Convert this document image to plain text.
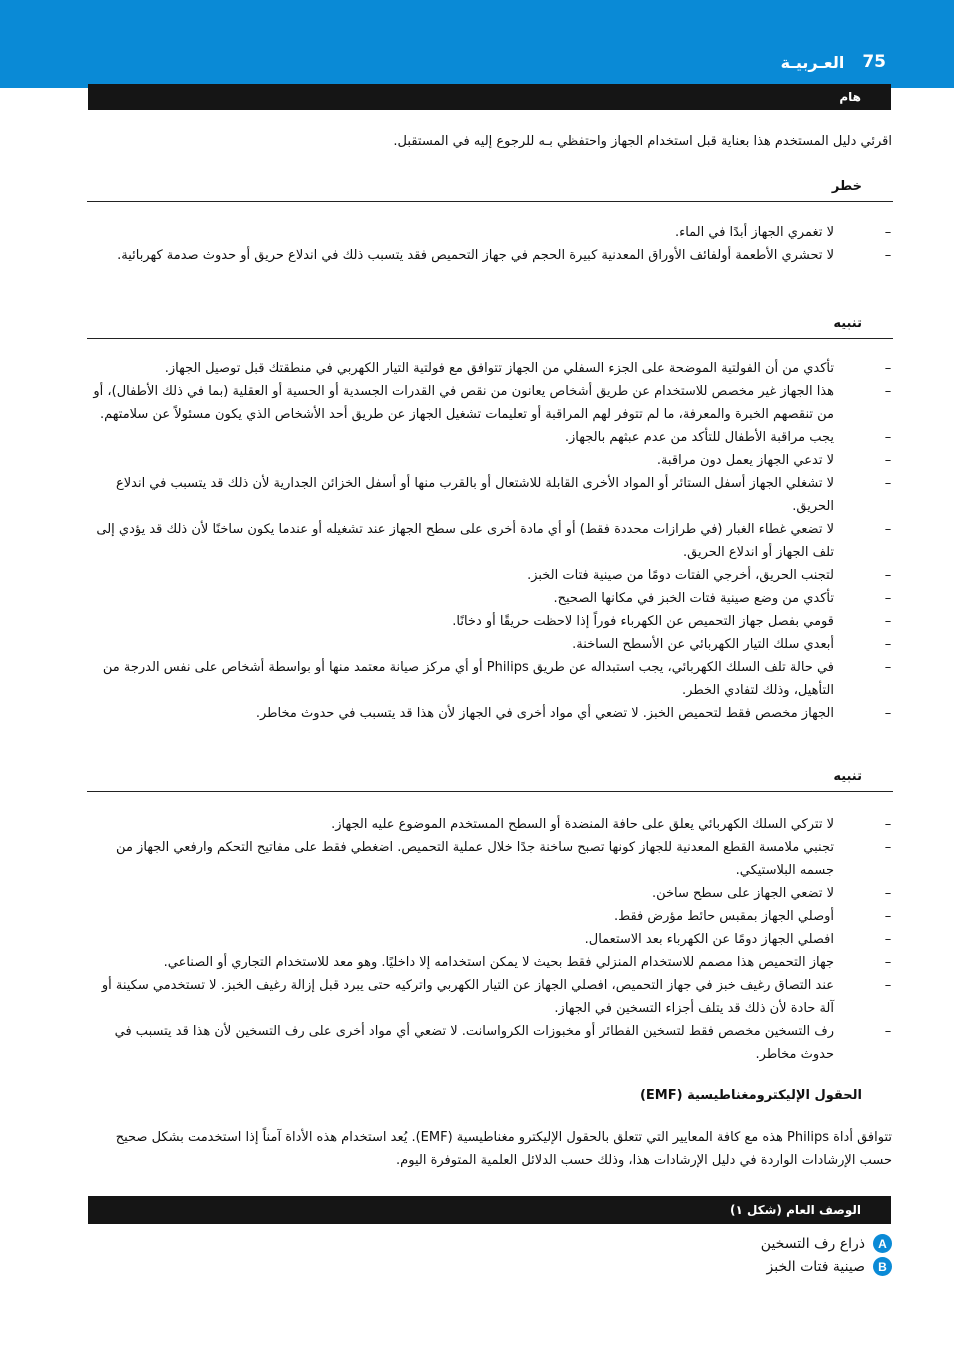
75
العـربيـة
هام
اقرئي دليل المستخدم هذا بعناية قبل استخدام الجهاز واحتفظي بـه للرجوع إليه في المستقبل.
خطر
–
لا تغمري الجهاز أبدًا في الماء.
–
لا تحشري الأطعمة أولفائف الأوراق المعدنية كبيرة الحجم في جهاز التحميص فقد يتسبب ذلك في اندلاع حريق أو حدوث صدمة كهربائية.
تنبيه
–
تأكدي من أن الفولتية الموضحة على الجزء السفلي من الجهاز تتوافق مع فولتية التيار الكهربي في منطقتك قبل توصيل الجهاز.
–
هذا الجهاز غير مخصص للاستخدام عن طريق أشخاص يعانون من نقص في القدرات الجسدية أو الحسية أو العقلية (بما في ذلك الأطفال)، أو من تنقصهم الخبرة والمعرفة، ما لم تتوفر لهم المراقبة أو تعليمات تشغيل الجهاز عن طريق أحد الأشخاص الذي يكون مسئولاً عن سلامتهم.
–
يجب مراقبة الأطفال للتأكد من عدم عبثهم بالجهاز.
–
لا تدعي الجهاز يعمل دون مراقبة.
–
لا تشغلي الجهاز أسفل الستائر أو المواد الأخرى القابلة للاشتعال أو بالقرب منها أو أسفل الخزائن الجدارية لأن ذلك قد يتسبب في اندلاع الحريق.
–
لا تضعي غطاء الغبار (في طرازات محددة فقط) أو أي مادة أخرى على سطح الجهاز عند تشغيله أو عندما يكون ساخنًا لأن ذلك قد يؤدي إلى تلف الجهاز أو اندلاع الحريق.
–
لتجنب الحريق، أخرجي الفتات دومًا من صينية فتات الخبز.
–
تأكدي من وضع صينية فتات الخبز في مكانها الصحيح.
–
قومي بفصل جهاز التحميص عن الكهرباء فوراً إذا لاحظت حريقًا أو دخانًا.
–
أبعدي سلك التيار الكهربائي عن الأسطح الساخنة.
–
في حالة تلف السلك الكهربائي، يجب استبداله عن طريق Philips أو أي مركز صيانة معتمد منها أو بواسطة أشخاص على نفس الدرجة من التأهيل، وذلك لتفادي الخطر.
–
الجهاز مخصص فقط لتحميص الخبز. لا تضعي أي مواد أخرى في الجهاز لأن هذا قد يتسبب في حدوث مخاطر.
تنبيه
–
لا تتركي السلك الكهربائي يعلق على حافة المنضدة أو السطح المستخدم الموضوع عليه الجهاز.
–
تجنبي ملامسة القطع المعدنية للجهاز كونها تصبح ساخنة جدًا خلال عملية التحميص. اضغطي فقط على مفاتيح التحكم وارفعي الجهاز من جسمه البلاستيكي.
–
لا تضعي الجهاز على سطح ساخن.
–
أوصلي الجهاز بمقبس حائط مؤرض فقط.
–
افصلي الجهاز دومًا عن الكهرباء بعد الاستعمال.
–
جهاز التحميص هذا مصمم للاستخدام المنزلي فقط بحيث لا يمكن استخدامه إلا داخليًا. وهو معد للاستخدام التجاري أو الصناعي.
–
عند التصاق رغيف خبز في جهاز التحميص، افصلي الجهاز عن التيار الكهربي واتركيه حتى يبرد قبل إزالة رغيف الخبز. لا تستخدمي سكينة أو آلة حادة لأن ذلك قد يتلف أجزاء التسخين في الجهاز.
–
رف التسخين مخصص فقط لتسخين الفطائر أو مخبوزات الكرواسانت. لا تضعي أي مواد أخرى على رف التسخين لأن هذا قد يتسبب في حدوث مخاطر.
الحقول الإليكترومغناطيسية (EMF)
تتوافق أداة Philips هذه مع كافة المعايير التي تتعلق بالحقول الإليكترو مغناطيسية (EMF). يُعد استخدام هذه الأداة آمناً إذا استخدمت بشكل صحيح حسب الإرشادات الواردة في دليل الإرشادات هذا، وذلك حسب الدلائل العلمية المتوفرة اليوم.
الوصف العام (شكل ١)
A
ذراع رف التسخين
B
صينية فتات الخبز
